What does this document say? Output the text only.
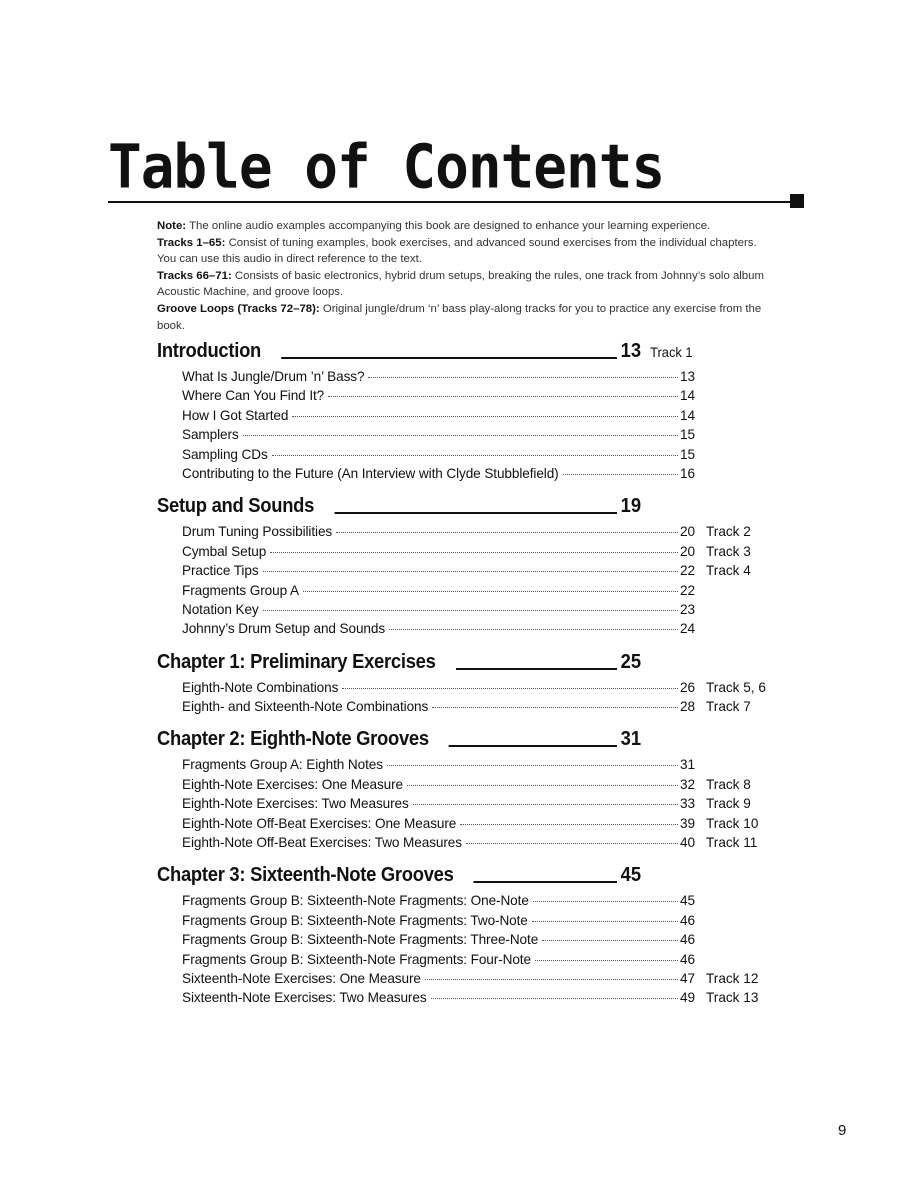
Table of Contents

Note: The online audio examples accompanying this book are designed to enhance your learning experience.

Tracks 1–65: Consist of tuning examples, book exercises, and advanced sound exercises from the individual chapters. You can use this audio in direct reference to the text.

Tracks 66–71: Consists of basic electronics, hybrid drum setups, breaking the rules, one track from Johnny’s solo album Acoustic Machine, and groove loops.

Groove Loops (Tracks 72–78): Original jungle/drum ‘n’ bass play-along tracks for you to practice any exercise from the book.

Introduction	13 Track 1
What Is Jungle/Drum ’n’ Bass?	13
Where Can You Find It?	14
How I Got Started	14
Samplers	15
Sampling CDs	15
Contributing to the Future (An Interview with Clyde Stubblefield)	16
Setup and Sounds	19
Drum Tuning Possibilities	20 Track 2
Cymbal Setup	20 Track 3
Practice Tips	22 Track 4
Fragments Group A	22
Notation Key	23
Johnny’s Drum Setup and Sounds	24
Chapter 1: Preliminary Exercises	25
Eighth-Note Combinations	26 Track 5, 6
Eighth- and Sixteenth-Note Combinations	28 Track 7
Chapter 2: Eighth-Note Grooves	31
Fragments Group A: Eighth Notes	31
Eighth-Note Exercises: One Measure	32 Track 8
Eighth-Note Exercises: Two Measures	33 Track 9
Eighth-Note Off-Beat Exercises: One Measure	39 Track 10
Eighth-Note Off-Beat Exercises: Two Measures	40 Track 11
Chapter 3: Sixteenth-Note Grooves	45
Fragments Group B: Sixteenth-Note Fragments: One-Note	45
Fragments Group B: Sixteenth-Note Fragments: Two-Note	46
Fragments Group B: Sixteenth-Note Fragments: Three-Note	46
Fragments Group B: Sixteenth-Note Fragments: Four-Note	46
Sixteenth-Note Exercises: One Measure	47 Track 12
Sixteenth-Note Exercises: Two Measures	49 Track 13
9
